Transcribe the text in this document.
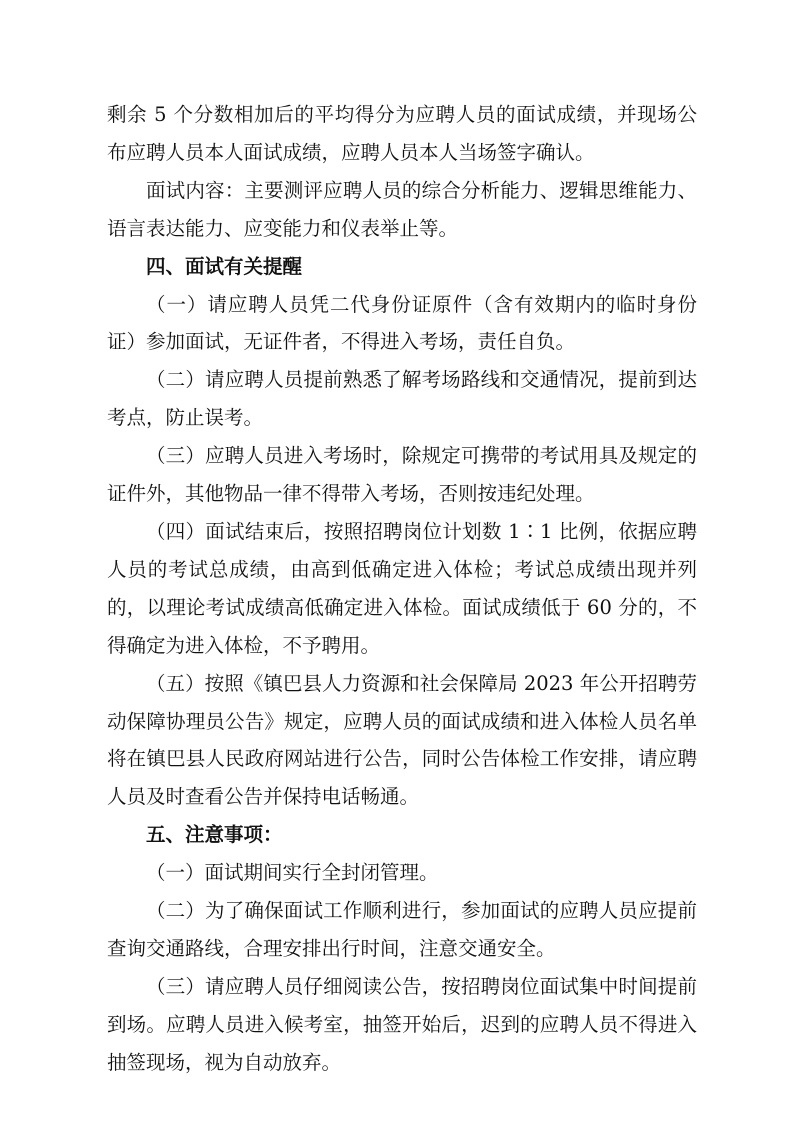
剩余 5 个分数相加后的平均得分为应聘人员的面试成绩，并现场公布应聘人员本人面试成绩，应聘人员本人当场签字确认。

面试内容：主要测评应聘人员的综合分析能力、逻辑思维能力、语言表达能力、应变能力和仪表举止等。

四、面试有关提醒

（一）请应聘人员凭二代身份证原件（含有效期内的临时身份证）参加面试，无证件者，不得进入考场，责任自负。

（二）请应聘人员提前熟悉了解考场路线和交通情况，提前到达考点，防止误考。

（三）应聘人员进入考场时，除规定可携带的考试用具及规定的证件外，其他物品一律不得带入考场，否则按违纪处理。

（四）面试结束后，按照招聘岗位计划数 1∶1 比例，依据应聘人员的考试总成绩，由高到低确定进入体检；考试总成绩出现并列的，以理论考试成绩高低确定进入体检。面试成绩低于 60 分的，不得确定为进入体检，不予聘用。

（五）按照《镇巴县人力资源和社会保障局 2023 年公开招聘劳动保障协理员公告》规定，应聘人员的面试成绩和进入体检人员名单将在镇巴县人民政府网站进行公告，同时公告体检工作安排，请应聘人员及时查看公告并保持电话畅通。

五、注意事项：

（一）面试期间实行全封闭管理。

（二）为了确保面试工作顺利进行，参加面试的应聘人员应提前查询交通路线，合理安排出行时间，注意交通安全。

（三）请应聘人员仔细阅读公告，按招聘岗位面试集中时间提前到场。应聘人员进入候考室，抽签开始后，迟到的应聘人员不得进入抽签现场，视为自动放弃。
